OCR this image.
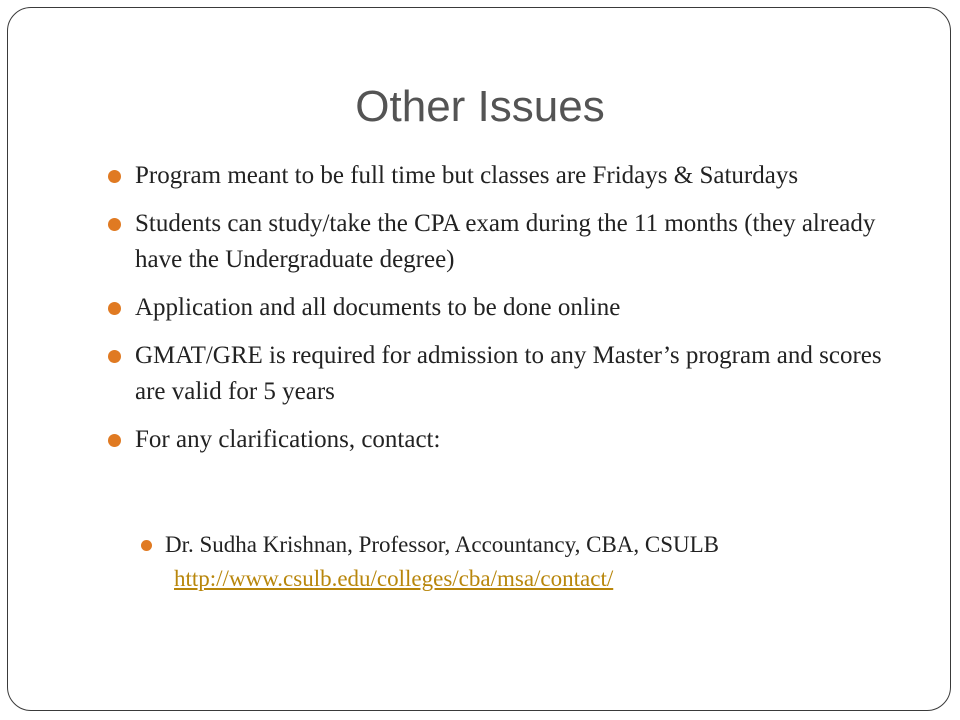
Other Issues
Program meant to be full time but classes are Fridays & Saturdays
Students can study/take the CPA exam during the 11 months (they already have the Undergraduate degree)
Application and all documents to be done online
GMAT/GRE is required for admission to any Master’s program and scores are valid for 5 years
For any clarifications, contact:
Dr. Sudha Krishnan, Professor, Accountancy, CBA, CSULB
http://www.csulb.edu/colleges/cba/msa/contact/
